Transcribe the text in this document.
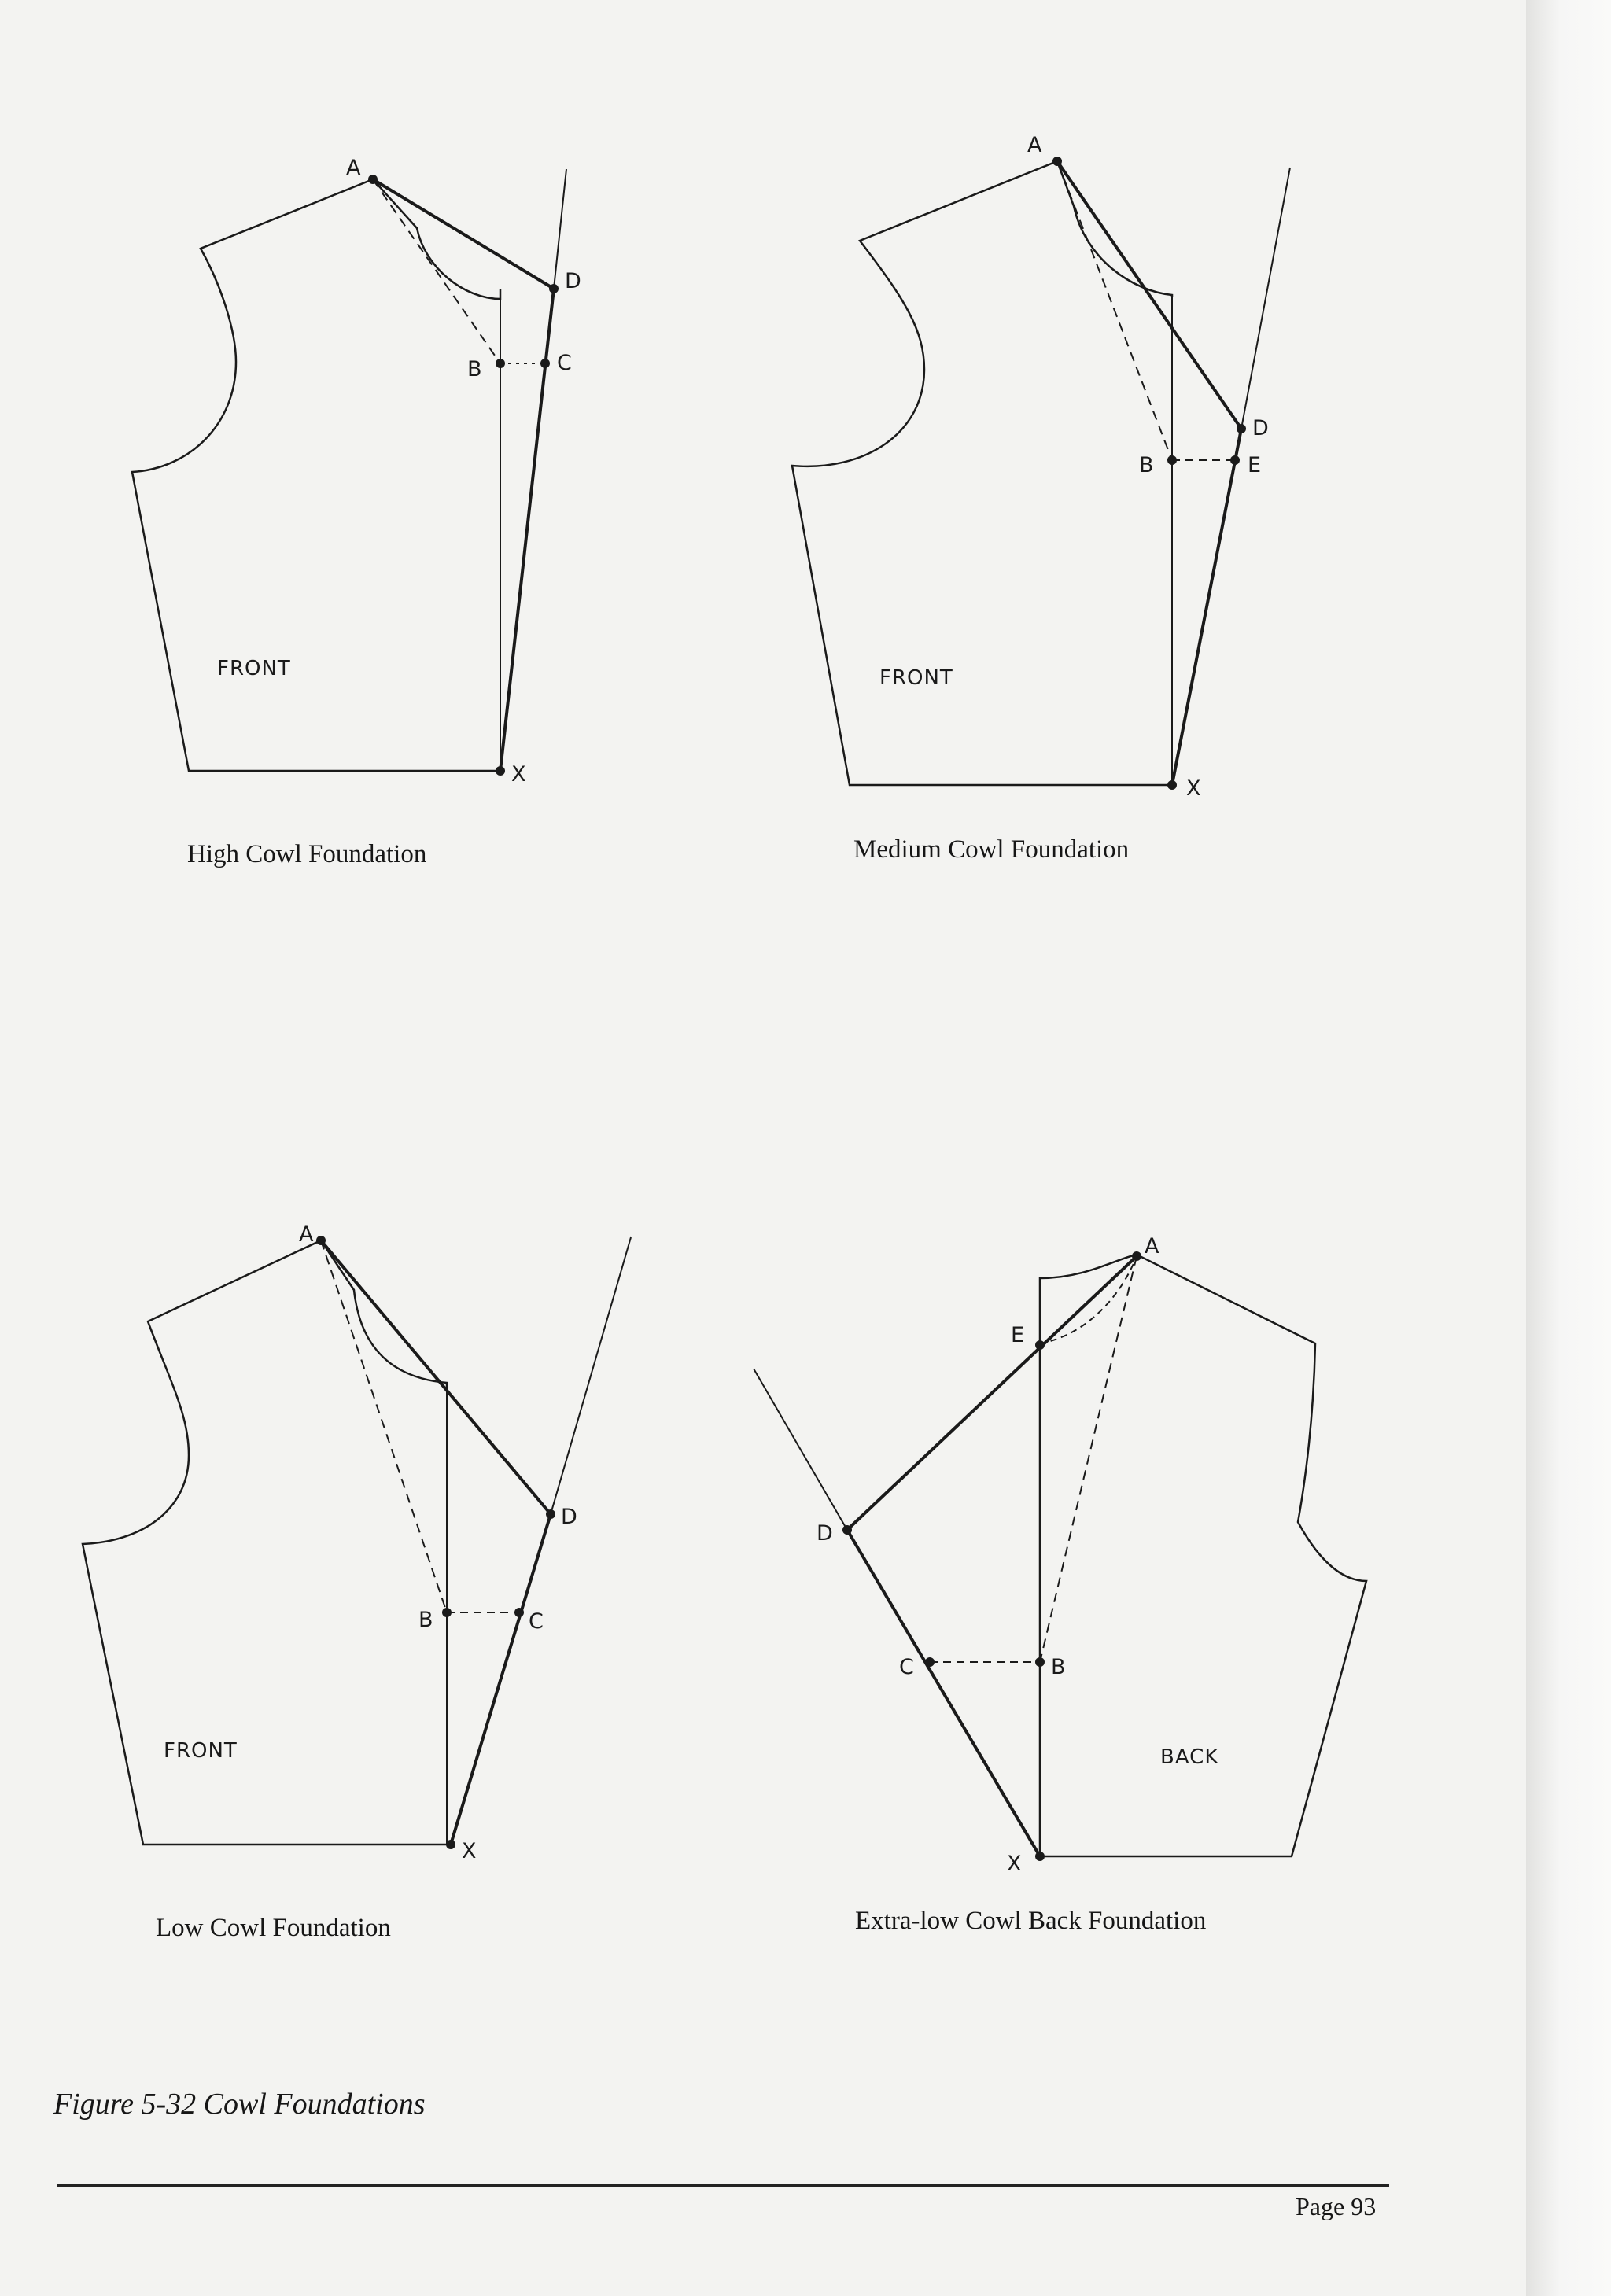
A
D
B	C
X
FRONT
A
D
B	E
X
FRONT
A
D
B	C
X
FRONT
A
E
D
C	B
X
BACK
High Cowl Foundation	Medium Cowl Foundation
Low Cowl Foundation	Extra-low Cowl Back Foundation
Figure 5-32 Cowl Foundations
Page 93
